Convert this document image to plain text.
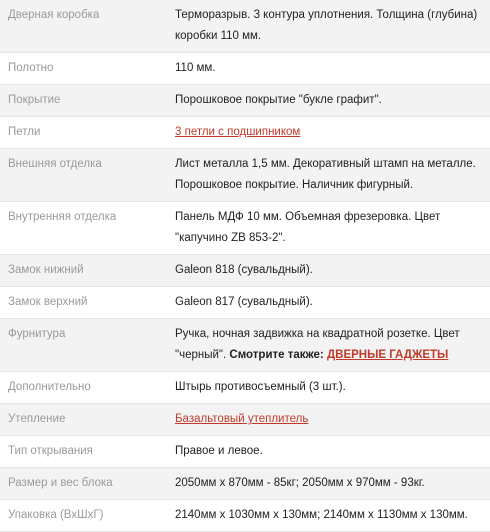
Дверная коробка	Терморазрыв. 3 контура уплотнения. Толщина (глубина) коробки 110 мм.
Полотно	110 мм.
Покрытие	Порошковое покрытие "букле графит".
Петли	3 петли с подшипником
Внешняя отделка	Лист металла 1,5 мм. Декоративный штамп на металле. Порошковое покрытие. Наличник фигурный.
Внутренняя отделка	Панель МДФ 10 мм. Объемная фрезеровка. Цвет "капучино ZB 853-2".
Замок нижний	Galeon 818 (сувальдный).
Замок верхний	Galeon 817 (сувальдный).
Фурнитура	Ручка, ночная задвижка на квадратной розетке. Цвет "черный". Смотрите также: ДВЕРНЫЕ ГАДЖЕТЫ
Дополнительно	Штырь противосъемный (3 шт.).
Утепление	Базальтовый утеплитель
Тип открывания	Правое и левое.
Размер и вес блока	2050мм х 870мм - 85кг; 2050мм х 970мм - 93кг.
Упаковка (ВхШхГ)	2140мм х 1030мм х 130мм; 2140мм х 1130мм х 130мм.
